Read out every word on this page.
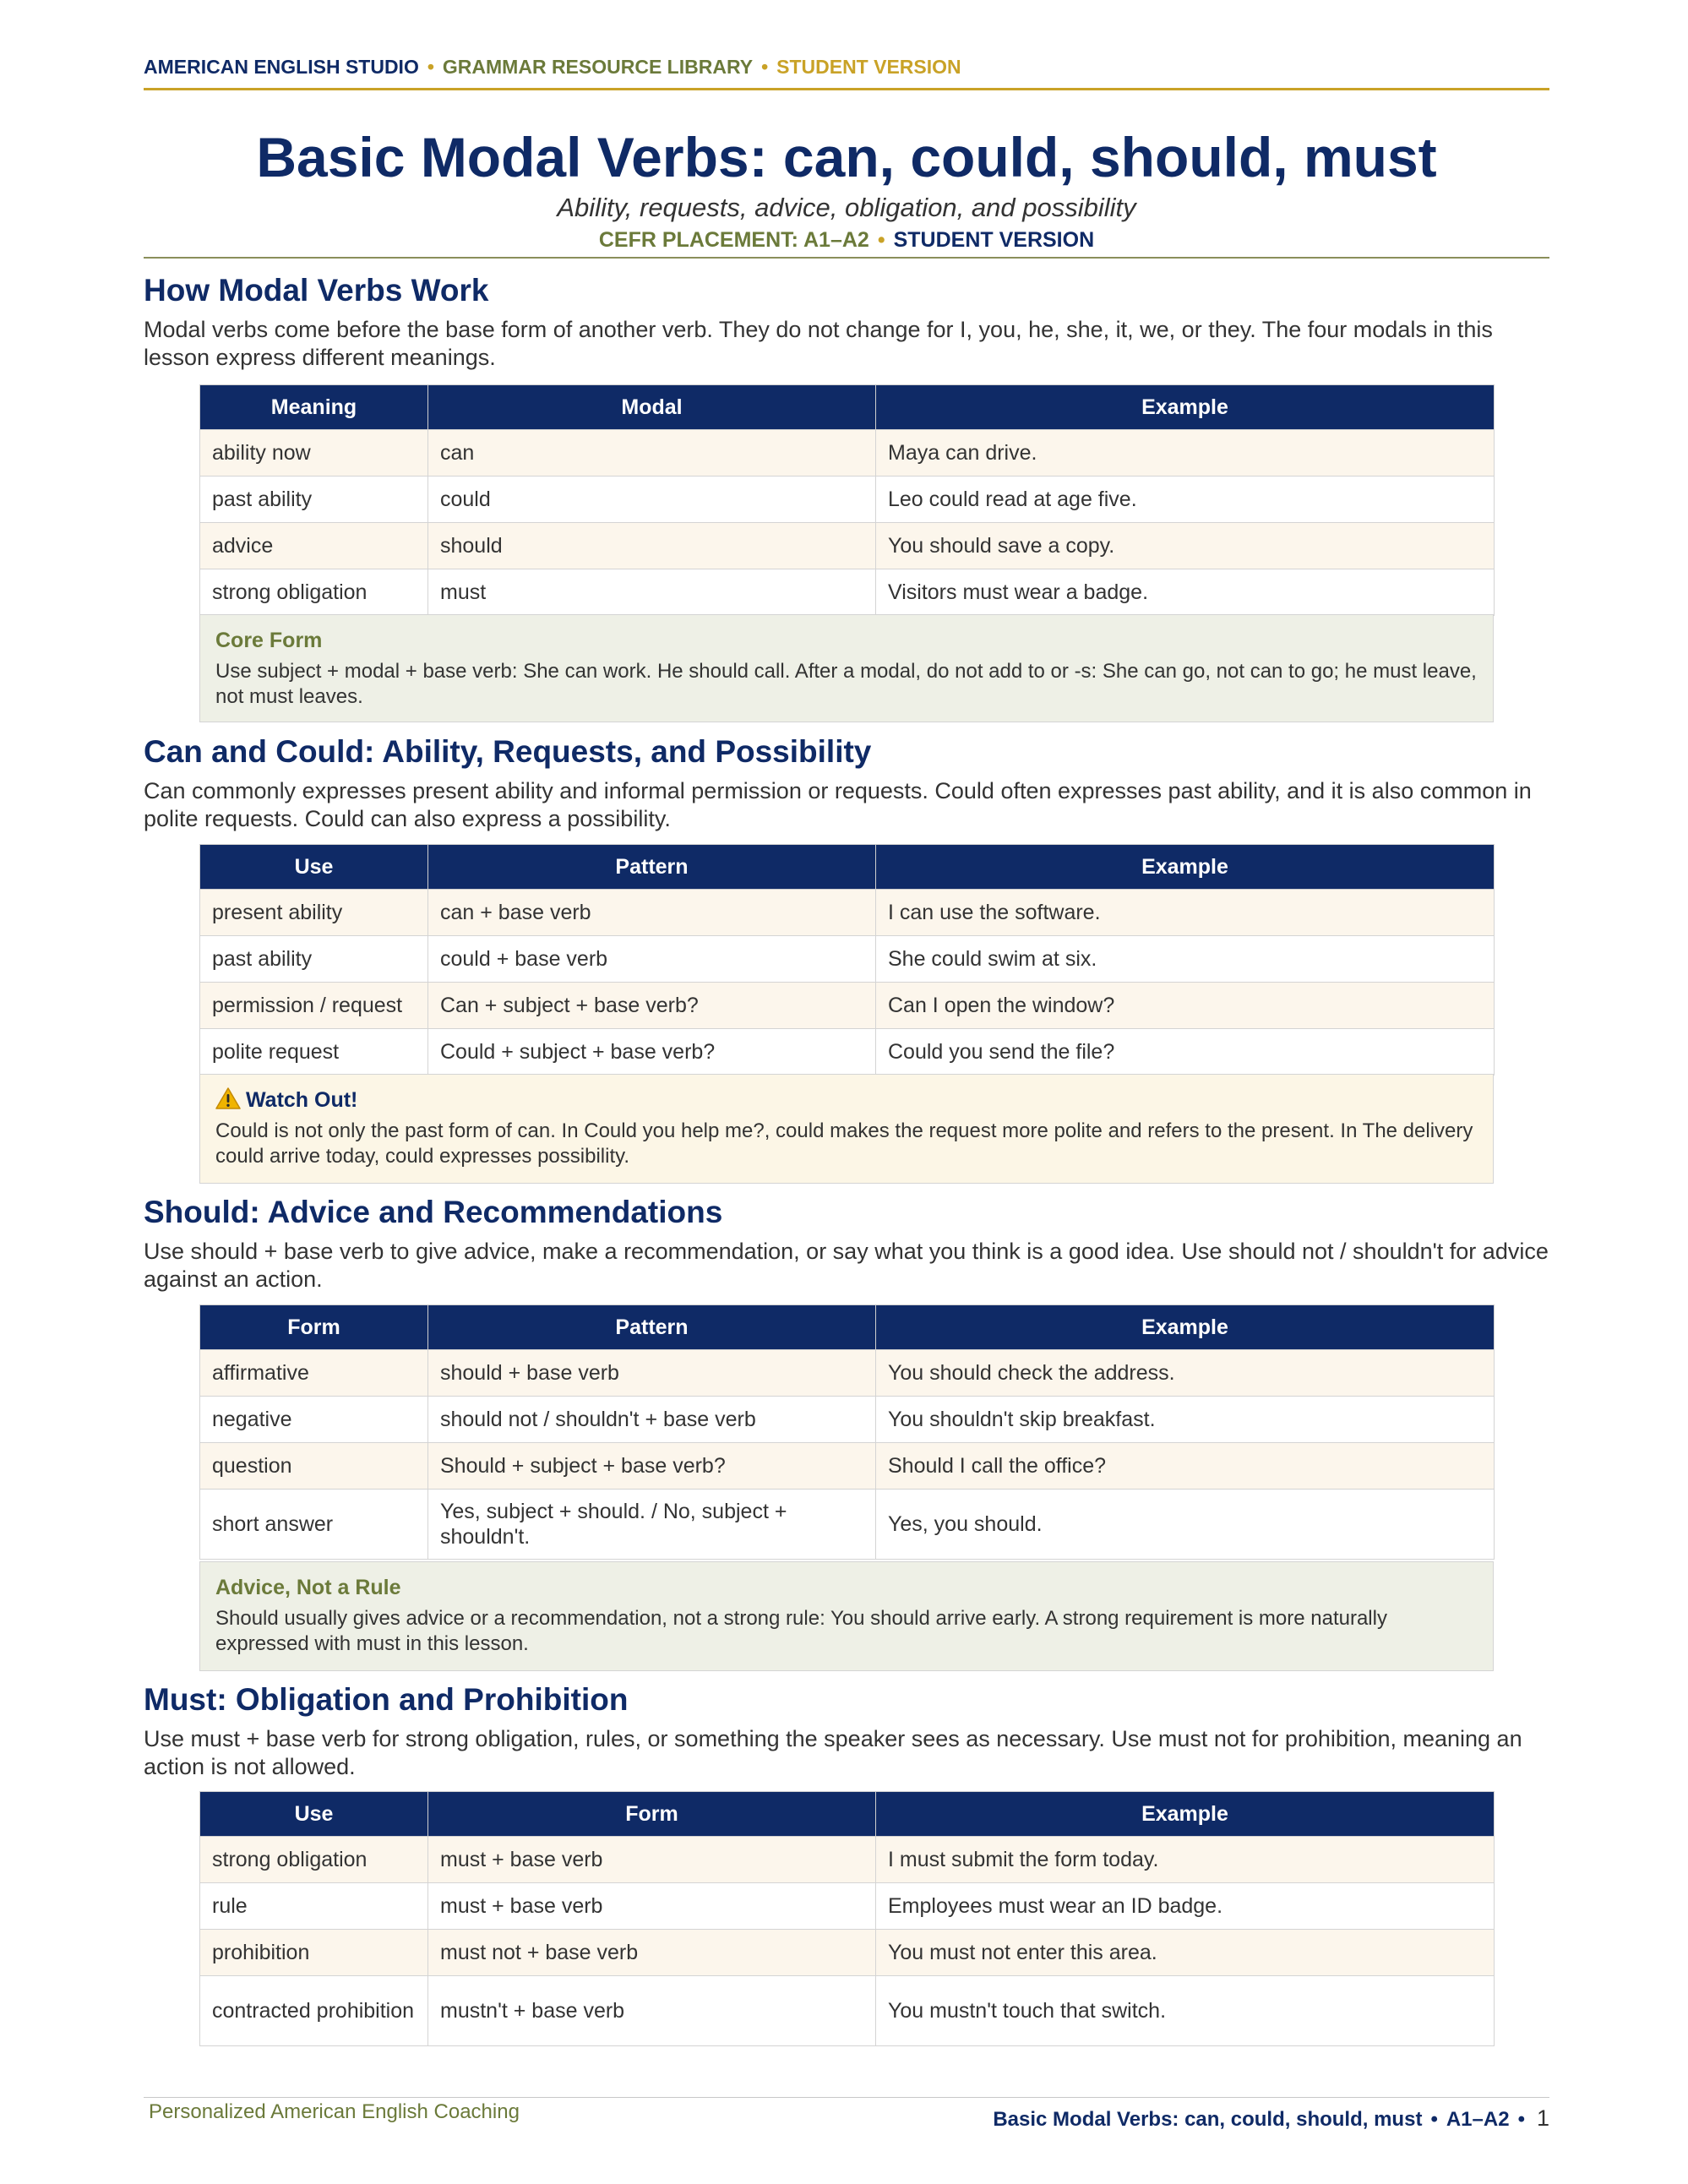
AMERICAN ENGLISH STUDIO • GRAMMAR RESOURCE LIBRARY • STUDENT VERSION
Basic Modal Verbs: can, could, should, must
Ability, requests, advice, obligation, and possibility
CEFR PLACEMENT: A1–A2 • STUDENT VERSION
How Modal Verbs Work

Modal verbs come before the base form of another verb. They do not change for I, you, he, she, it, we, or they. The four modals in this lesson express different meanings.

Meaning	Modal	Example
ability now	can	Maya can drive.
past ability	could	Leo could read at age five.
advice	should	You should save a copy.
strong obligation	must	Visitors must wear a badge.
Core Form
Use subject + modal + base verb: She can work. He should call. After a modal, do not add to or -s: She can go, not can to go; he must leave, not must leaves.
Can and Could: Ability, Requests, and Possibility

Can commonly expresses present ability and informal permission or requests. Could often expresses past ability, and it is also common in polite requests. Could can also express a possibility.

Use	Pattern	Example
present ability	can + base verb	I can use the software.
past ability	could + base verb	She could swim at six.
permission / request	Can + subject + base verb?	Can I open the window?
polite request	Could + subject + base verb?	Could you send the file?
Watch Out!
Could is not only the past form of can. In Could you help me?, could makes the request more polite and refers to the present. In The delivery could arrive today, could expresses possibility.
Should: Advice and Recommendations

Use should + base verb to give advice, make a recommendation, or say what you think is a good idea. Use should not / shouldn't for advice against an action.

Form	Pattern	Example
affirmative	should + base verb	You should check the address.
negative	should not / shouldn't + base verb	You shouldn't skip breakfast.
question	Should + subject + base verb?	Should I call the office?
short answer	Yes, subject + should. / No, subject + shouldn't.	Yes, you should.
Advice, Not a Rule
Should usually gives advice or a recommendation, not a strong rule: You should arrive early. A strong requirement is more naturally expressed with must in this lesson.
Must: Obligation and Prohibition

Use must + base verb for strong obligation, rules, or something the speaker sees as necessary. Use must not for prohibition, meaning an action is not allowed.

Use	Form	Example
strong obligation	must + base verb	I must submit the form today.
rule	must + base verb	Employees must wear an ID badge.
prohibition	must not + base verb	You must not enter this area.
contracted prohibition	mustn't + base verb	You mustn't touch that switch.
Personalized American English Coaching	Basic Modal Verbs: can, could, should, must • A1–A2 • 1
